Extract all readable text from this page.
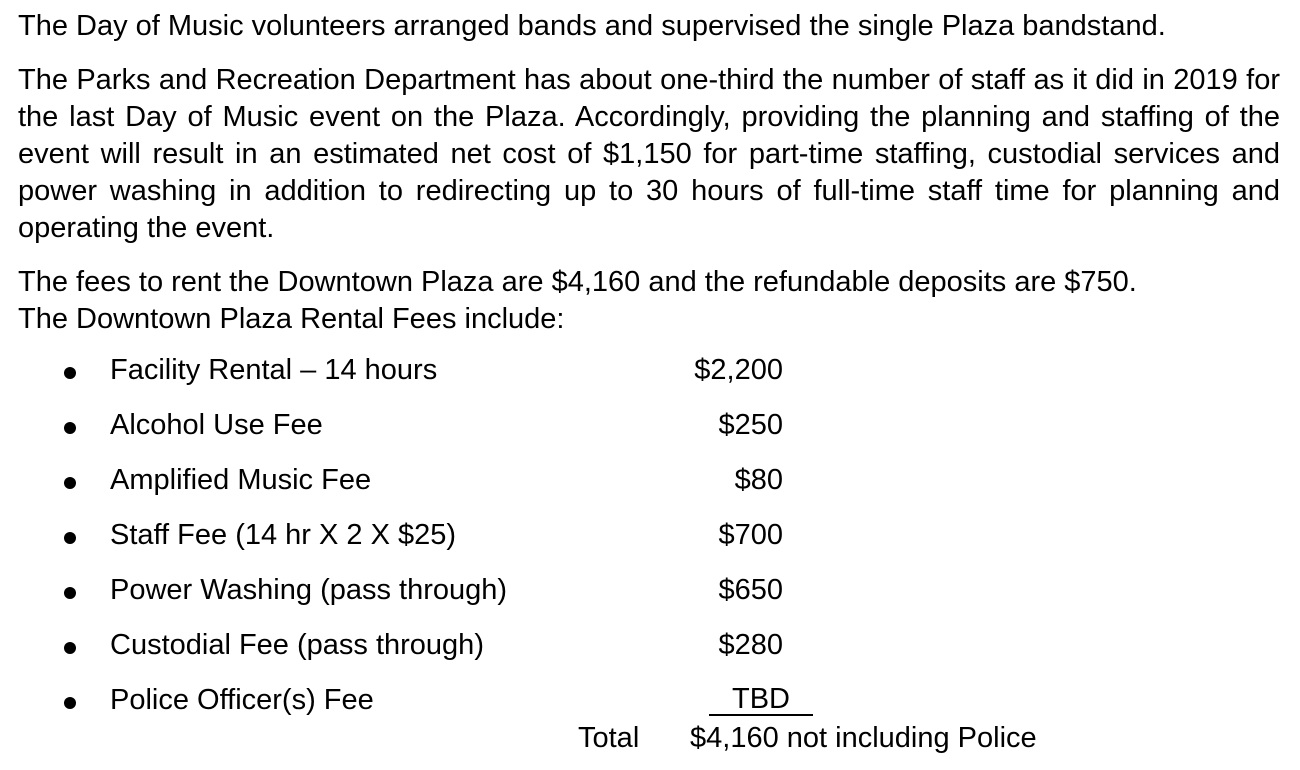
The Day of Music volunteers arranged bands and supervised the single Plaza bandstand.

The Parks and Recreation Department has about one-third the number of staff as it did in 2019 for the last Day of Music event on the Plaza. Accordingly, providing the planning and staffing of the event will result in an estimated net cost of $1,150 for part-time staffing, custodial services and power washing in addition to redirecting up to 30 hours of full-time staff time for planning and operating the event.

The fees to rent the Downtown Plaza are $4,160 and the refundable deposits are $750.
The Downtown Plaza Rental Fees include:
Facility Rental – 14 hours	$2,200
Alcohol Use Fee	$250
Amplified Music Fee	$80
Staff Fee (14 hr X 2 X $25)	$700
Power Washing (pass through)	$650
Custodial Fee (pass through)	$280
Police Officer(s) Fee	TBD
Total $4,160 not including Police
